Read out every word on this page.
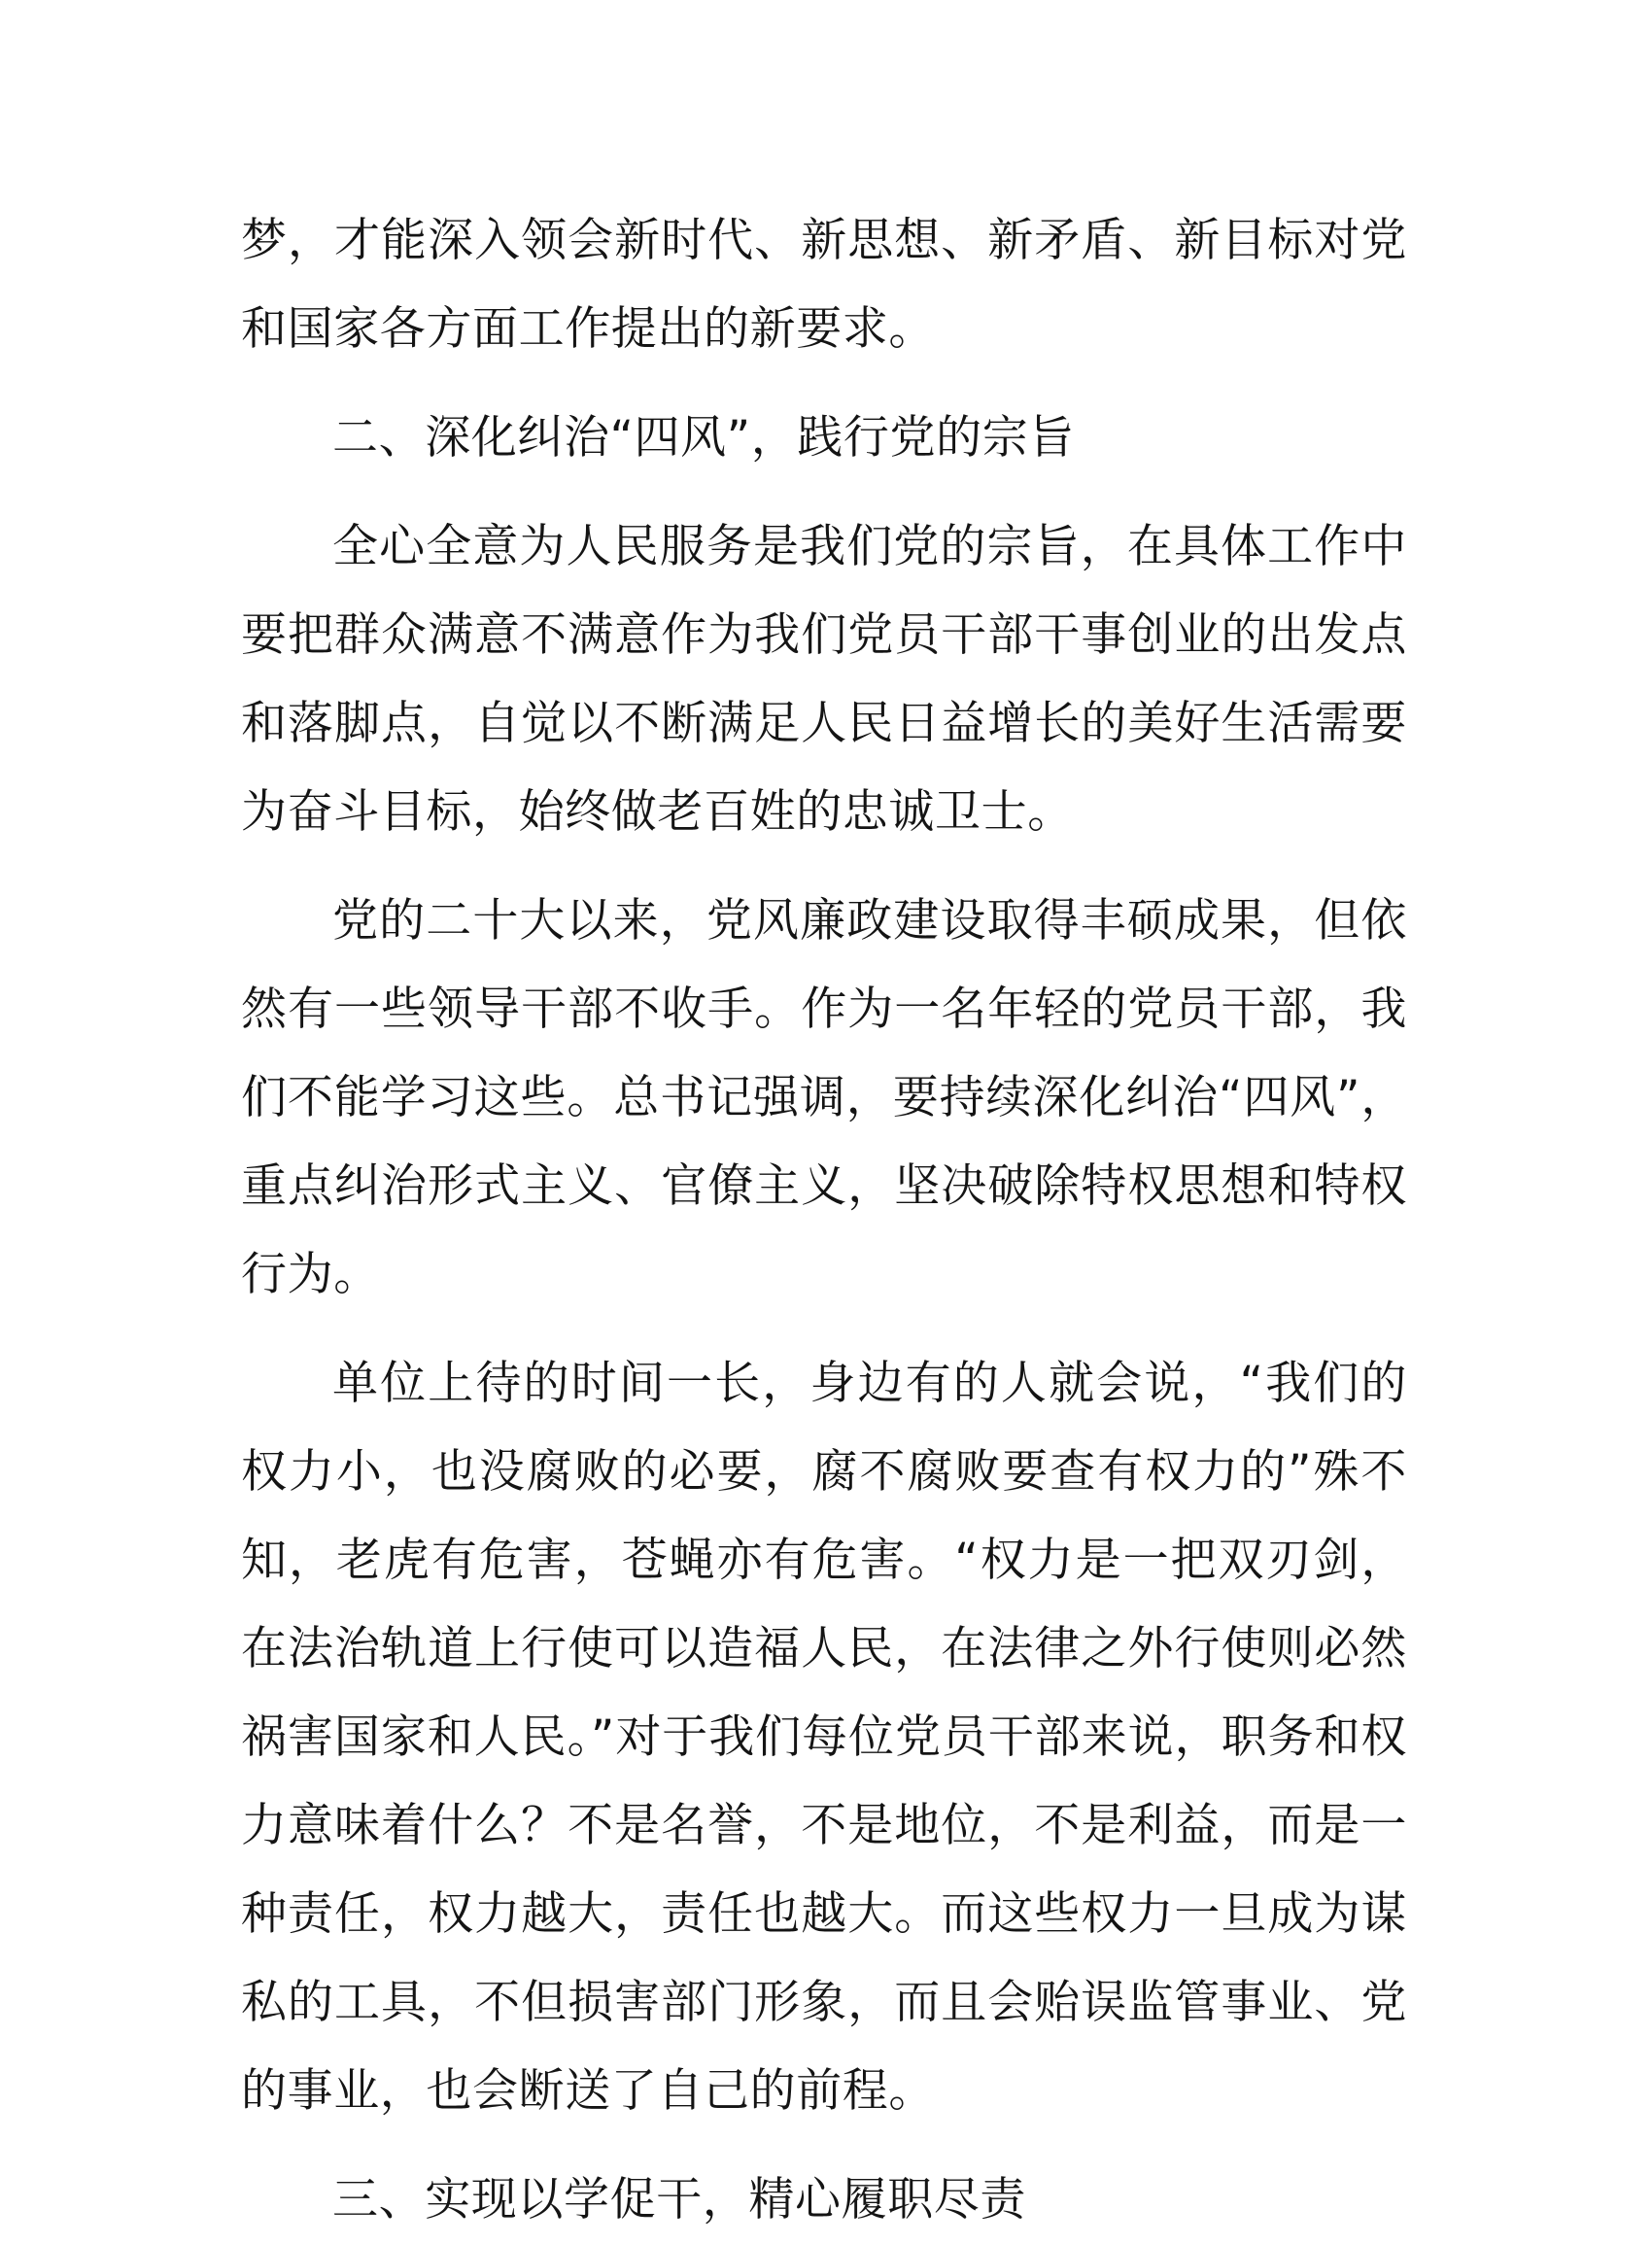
梦，才能深入领会新时代、新思想、新矛盾、新目标对党和国家各方面工作提出的新要求。

二、深化纠治“四风”，践行党的宗旨

全心全意为人民服务是我们党的宗旨，在具体工作中要把群众满意不满意作为我们党员干部干事创业的出发点和落脚点，自觉以不断满足人民日益增长的美好生活需要为奋斗目标，始终做老百姓的忠诚卫士。

党的二十大以来，党风廉政建设取得丰硕成果，但依然有一些领导干部不收手。作为一名年轻的党员干部，我们不能学习这些。总书记强调，要持续深化纠治“四风”，重点纠治形式主义、官僚主义，坚决破除特权思想和特权行为。

单位上待的时间一长，身边有的人就会说，“我们的权力小，也没腐败的必要，腐不腐败要查有权力的”殊不知，老虎有危害，苍蝇亦有危害。“权力是一把双刃剑，在法治轨道上行使可以造福人民，在法律之外行使则必然祸害国家和人民。”对于我们每位党员干部来说，职务和权力意味着什么？不是名誉，不是地位，不是利益，而是一种责任，权力越大，责任也越大。而这些权力一旦成为谋私的工具，不但损害部门形象，而且会贻误监管事业、党的事业，也会断送了自己的前程。

三、实现以学促干，精心履职尽责
